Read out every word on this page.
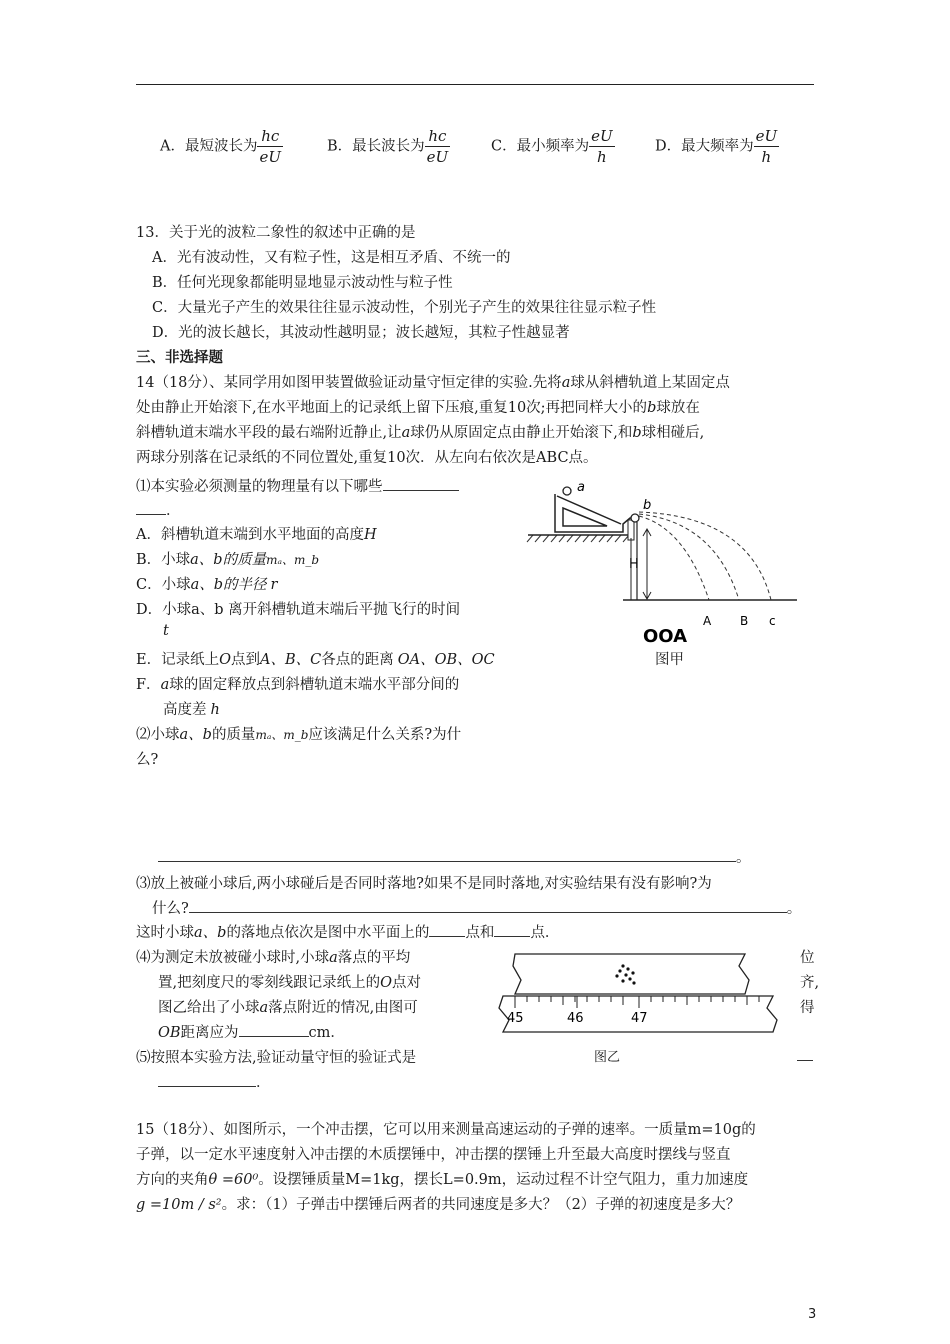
A．最短波长为 $\frac{hc}{eU}$	B．最长波长为 $\frac{hc}{eU}$	C．最小频率为 $\frac{eU}{h}$	D．最大频率为 $\frac{eU}{h}$
13．关于光的波粒二象性的叙述中正确的是
A．光有波动性，又有粒子性，这是相互矛盾、不统一的
B．任何光现象都能明显地显示波动性与粒子性
C．大量光子产生的效果往往显示波动性，个别光子产生的效果往往显示粒子性
D．光的波长越长，其波动性越明显；波长越短，其粒子性越显著
三、非选择题
14（18分）、某同学用如图甲装置做验证动量守恒定律的实验.先将a球从斜槽轨道上某固定点
处由静止开始滚下,在水平地面上的记录纸上留下压痕,重复10次;再把同样大小的b球放在
斜槽轨道末端水平段的最右端附近静止,让a球仍从原固定点由静止开始滚下,和b球相碰后,
两球分别落在记录纸的不同位置处,重复10次．从左向右依次是ABC点。
⑴本实验必须测量的物理量有以下哪些
．
A．斜槽轨道末端到水平地面的高度H
B．小球a、b的质量mₐ、m_b
C．小球a、b的半径 r
D．小球a、b 离开斜槽轨道末端后平抛飞行的时间
t
E．记录纸上O点到A、B、C各点的距离 OA、OB、OC
F．a球的固定释放点到斜槽轨道末端水平部分间的
高度差 h
⑵小球a、b的质量mₐ、m_b应该满足什么关系?为什
么?
。
⑶放上被碰小球后,两小球碰后是否同时落地?如果不是同时落地,对实验结果有没有影响?为
什么?	。
这时小球a、b的落地点依次是图中水平面上的 点和 点．
⑷为测定未放被碰小球时,小球a落点的平均	位
置,把刻度尺的零刻线跟记录纸上的O点对	齐,
图乙给出了小球a落点附近的情况,由图可	得
OB距离应为	cm．
⑸按照本实验方法,验证动量守恒的验证式是
．
a
b
H
A B c
OOA
图甲
45	46	47
图乙
15（18分）、如图所示，一个冲击摆，它可以用来测量高速运动的子弹的速率。一质量m=10g的
子弹，以一定水平速度射入冲击摆的木质摆锤中，冲击摆的摆锤上升至最大高度时摆线与竖直
方向的夹角θ =60⁰。设摆锤质量M=1kg，摆长L=0.9m，运动过程不计空气阻力，重力加速度
g =10m / s²。求：（1）子弹击中摆锤后两者的共同速度是多大？（2）子弹的初速度是多大？
3
